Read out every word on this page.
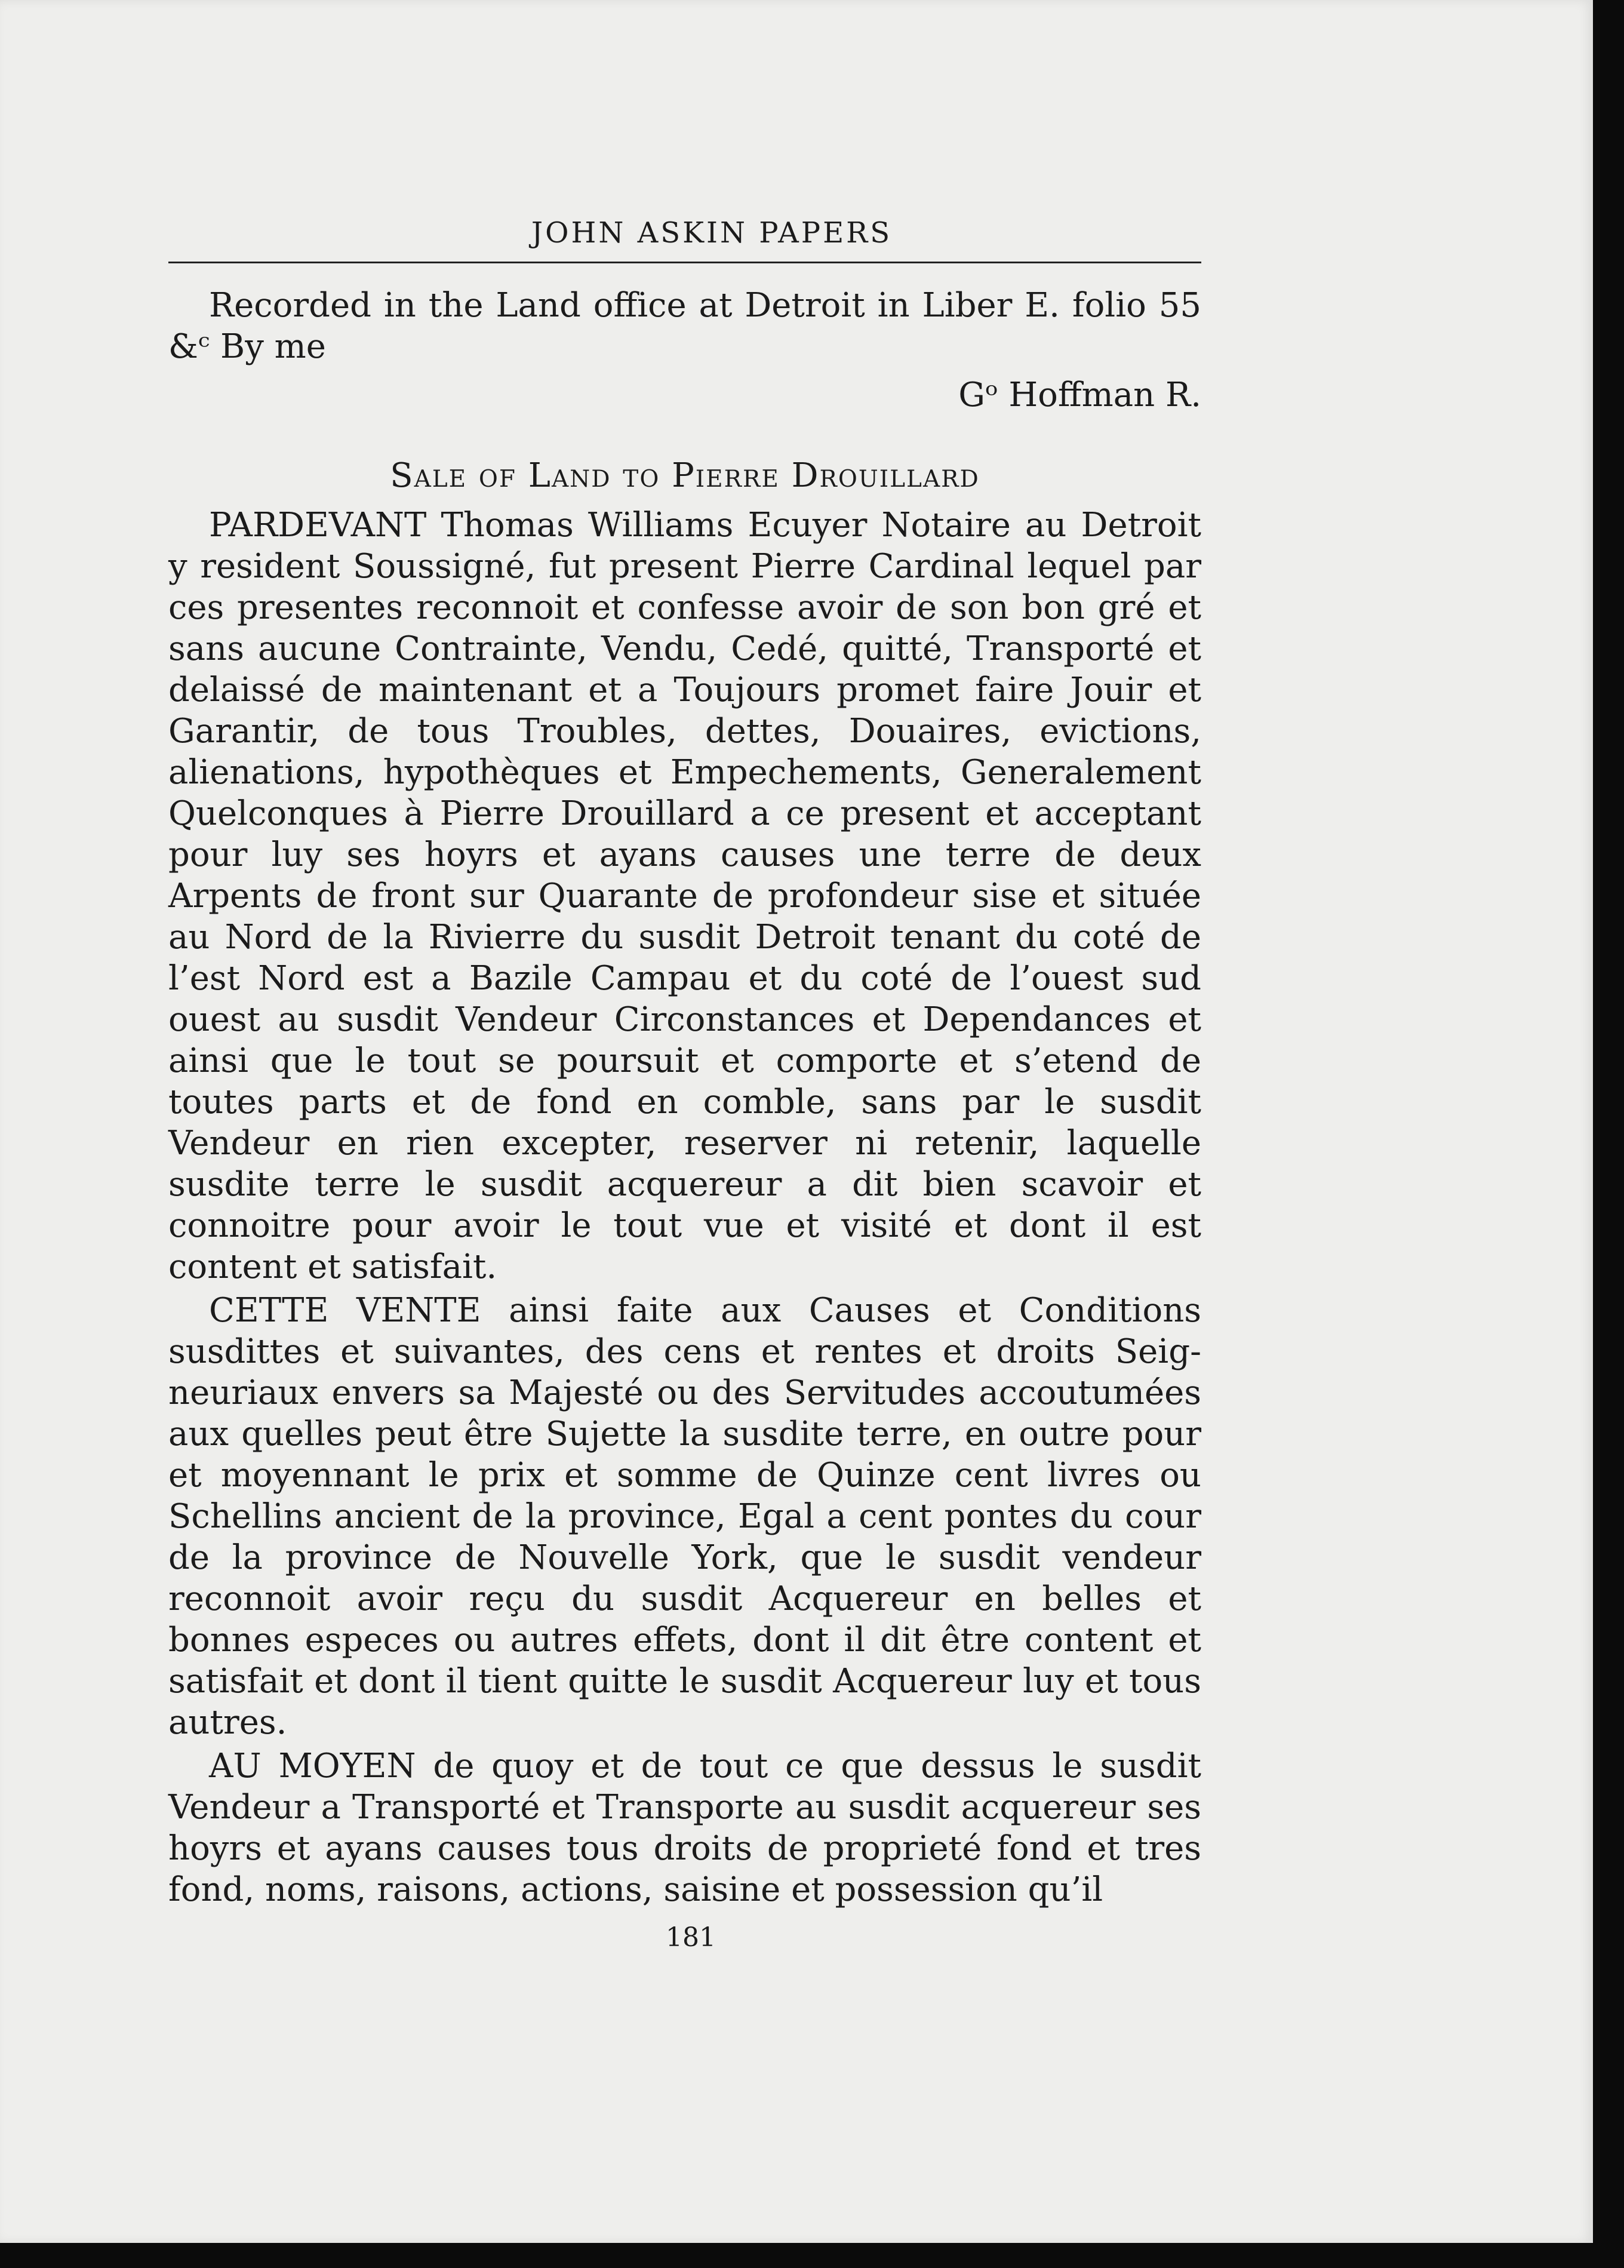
JOHN ASKIN PAPERS

Recorded in the Land office at Detroit in Liber E. folio 55 &ᶜ By me

Gᵒ Hoffman R.

Sale of Land to Pierre Drouillard

PARDEVANT Thomas Williams Ecuyer Notaire au Detroit y resident Soussigné, fut present Pierre Cardinal lequel par ces presentes reconnoit et confesse avoir de son bon gré et sans aucune Contrainte, Vendu, Cedé, quitté, Transporté et delaissé de maintenant et a Toujours promet faire Jouir et Garantir, de tous Troubles, dettes, Douaires, evictions, alienations, hypothèques et Empechements, Generalement Quelconques à Pierre Drouillard a ce present et acceptant pour luy ses hoyrs et ayans causes une terre de deux Arpents de front sur Quarante de profondeur sise et située au Nord de la Rivierre du susdit Detroit tenant du coté de l’est Nord est a Bazile Campau et du coté de l’ouest sud ouest au susdit Vendeur Circonstances et Dependances et ainsi que le tout se poursuit et comporte et s’etend de toutes parts et de fond en comble, sans par le susdit Vendeur en rien excepter, reserver ni retenir, laquelle susdite terre le susdit acquereur a dit bien scavoir et connoitre pour avoir le tout vue et visité et dont il est content et satisfait.

CETTE VENTE ainsi faite aux Causes et Conditions susdittes et suivantes, des cens et rentes et droits Seigneuriaux envers sa Majesté ou des Servitudes accoutumées aux quelles peut être Sujette la susdite terre, en outre pour et moyennant le prix et somme de Quinze cent livres ou Schellins ancient de la province, Egal a cent pontes du cour de la province de Nouvelle York, que le susdit vendeur reconnoit avoir reçu du susdit Acquereur en belles et bonnes especes ou autres effets, dont il dit être content et satisfait et dont il tient quitte le susdit Acquereur luy et tous autres.

AU MOYEN de quoy et de tout ce que dessus le susdit Vendeur a Transporté et Transporte au susdit acquereur ses hoyrs et ayans causes tous droits de proprieté fond et tres fond, noms, raisons, actions, saisine et possession qu’il

181
